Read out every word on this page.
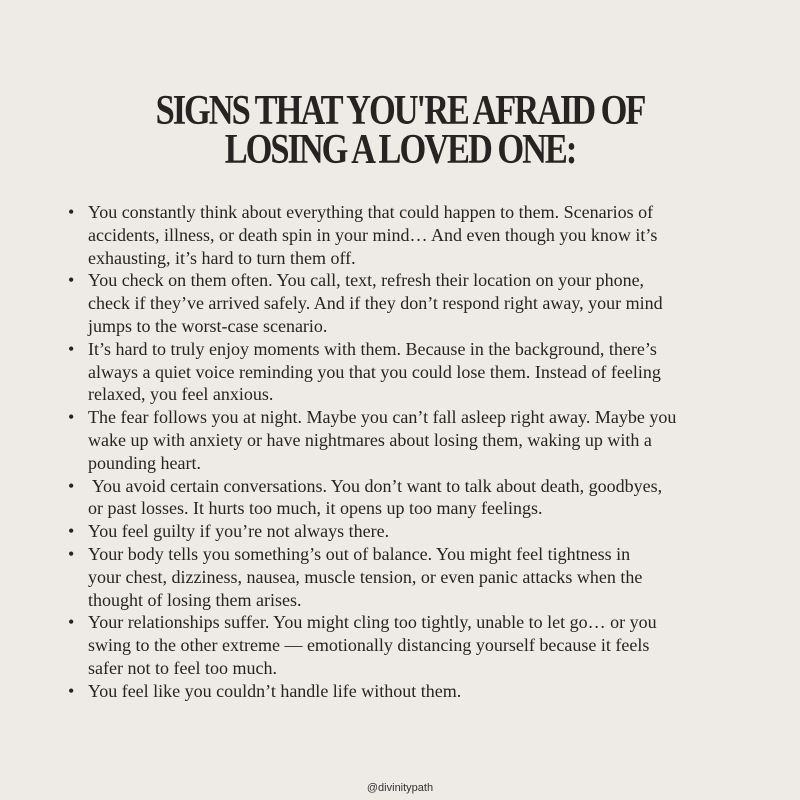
SIGNS THAT YOU'RE AFRAID OF
LOSING A LOVED ONE:
• You constantly think about everything that could happen to them. Scenarios of
accidents, illness, or death spin in your mind… And even though you know it’s
exhausting, it’s hard to turn them off.
• You check on them often. You call, text, refresh their location on your phone,
check if they’ve arrived safely. And if they don’t respond right away, your mind
jumps to the worst-case scenario.
• It’s hard to truly enjoy moments with them. Because in the background, there’s
always a quiet voice reminding you that you could lose them. Instead of feeling
relaxed, you feel anxious.
• The fear follows you at night. Maybe you can’t fall asleep right away. Maybe you
wake up with anxiety or have nightmares about losing them, waking up with a
pounding heart.
• You avoid certain conversations. You don’t want to talk about death, goodbyes,
or past losses. It hurts too much, it opens up too many feelings.
• You feel guilty if you’re not always there.
• Your body tells you something’s out of balance. You might feel tightness in
your chest, dizziness, nausea, muscle tension, or even panic attacks when the
thought of losing them arises.
• Your relationships suffer. You might cling too tightly, unable to let go… or you
swing to the other extreme — emotionally distancing yourself because it feels
safer not to feel too much.
• You feel like you couldn’t handle life without them.
@divinitypath
